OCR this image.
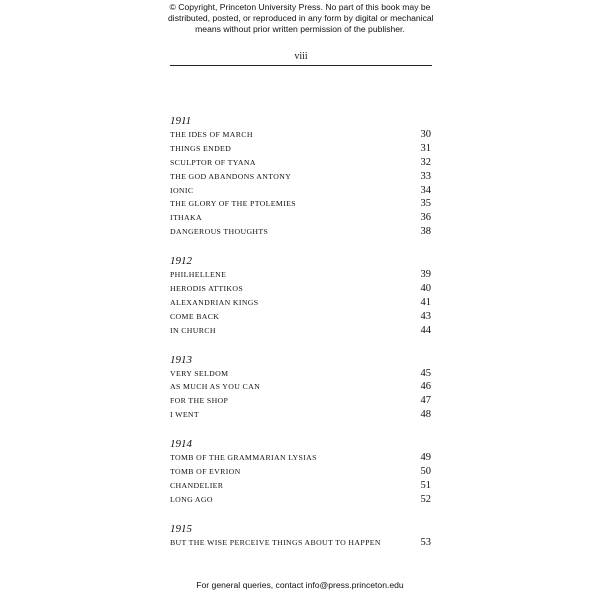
© Copyright, Princeton University Press. No part of this book may be
distributed, posted, or reproduced in any form by digital or mechanical
means without prior written permission of the publisher.
viii
1911
THE IDES OF MARCH	30
THINGS ENDED	31
SCULPTOR OF TYANA	32
THE GOD ABANDONS ANTONY	33
IONIC	34
THE GLORY OF THE PTOLEMIES	35
ITHAKA	36
DANGEROUS THOUGHTS	38
1912
PHILHELLENE	39
HERODIS ATTIKOS	40
ALEXANDRIAN KINGS	41
COME BACK	43
IN CHURCH	44
1913
VERY SELDOM	45
AS MUCH AS YOU CAN	46
FOR THE SHOP	47
I WENT	48
1914
TOMB OF THE GRAMMARIAN LYSIAS	49
TOMB OF EVRION	50
CHANDELIER	51
LONG AGO	52
1915
BUT THE WISE PERCEIVE THINGS ABOUT TO HAPPEN	53
For general queries, contact info@press.princeton.edu
